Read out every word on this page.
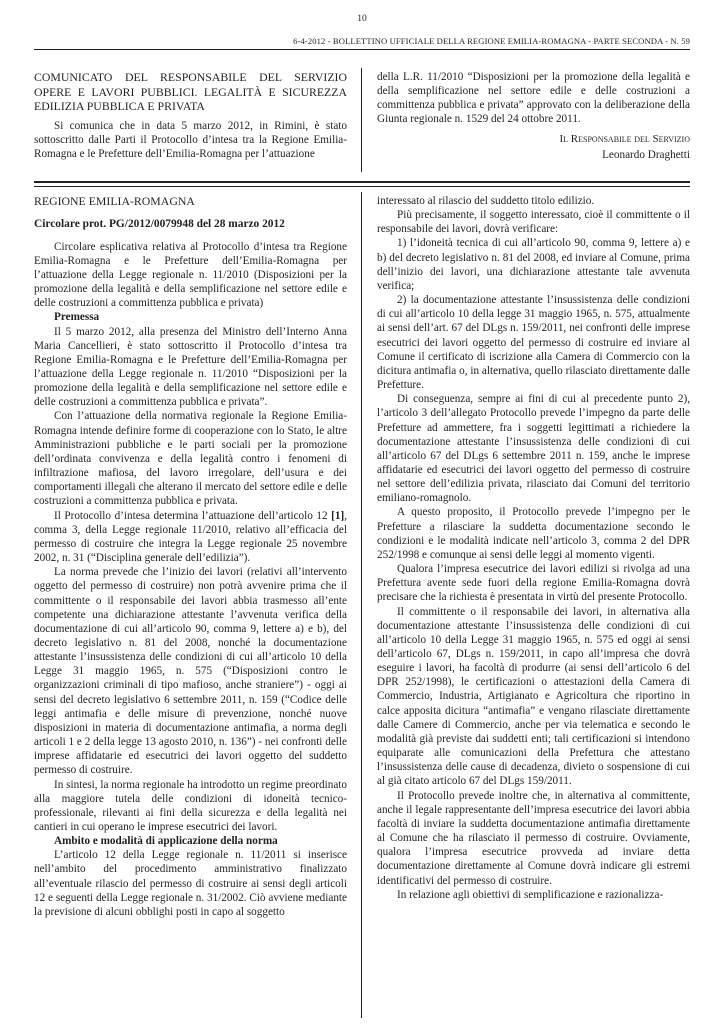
10
6-4-2012 - BOLLETTINO UFFICIALE DELLA REGIONE EMILIA-ROMAGNA - PARTE SECONDA - N. 59
COMUNICATO DEL RESPONSABILE DEL SERVIZIO OPERE E LAVORI PUBBLICI. LEGALITÀ E SICUREZZA EDILIZIA PUBBLICA E PRIVATA

Si comunica che in data 5 marzo 2012, in Rimini, è stato sottoscritto dalle Parti il Protocollo d’intesa tra la Regione Emilia-Romagna e le Prefetture dell’Emilia-Romagna per l’attuazione

della L.R. 11/2010 “Disposizioni per la promozione della legalità e della semplificazione nel settore edile e delle costruzioni a committenza pubblica e privata” approvato con la deliberazione della Giunta regionale n. 1529 del 24 ottobre 2011.

Il Responsabile del Servizio
Leonardo Draghetti
REGIONE EMILIA-ROMAGNA
Circolare prot. PG/2012/0079948 del 28 marzo 2012

Circolare esplicativa relativa al Protocollo d’intesa tra Regione Emilia-Romagna e le Prefetture dell’Emilia-Romagna per l’attuazione della Legge regionale n. 11/2010 (Disposizioni per la promozione della legalità e della semplificazione nel settore edile e delle costruzioni a committenza pubblica e privata)

Premessa

Il 5 marzo 2012, alla presenza del Ministro dell’Interno Anna Maria Cancellieri, è stato sottoscritto il Protocollo d’intesa tra Regione Emilia-Romagna e le Prefetture dell’Emilia-Romagna per l’attuazione della Legge regionale n. 11/2010 “Disposizioni per la promozione della legalità e della semplificazione nel settore edile e delle costruzioni a committenza pubblica e privata”.

Con l’attuazione della normativa regionale la Regione Emilia-Romagna intende definire forme di cooperazione con lo Stato, le altre Amministrazioni pubbliche e le parti sociali per la promozione dell’ordinata convivenza e della legalità contro i fenomeni di infiltrazione mafiosa, del lavoro irregolare, dell’usura e dei comportamenti illegali che alterano il mercato del settore edile e delle costruzioni a committenza pubblica e privata.

Il Protocollo d’intesa determina l’attuazione dell’articolo 12 [1], comma 3, della Legge regionale 11/2010, relativo all’efficacia del permesso di costruire che integra la Legge regionale 25 novembre 2002, n. 31 (“Disciplina generale dell’edilizia”).

La norma prevede che l’inizio dei lavori (relativi all’intervento oggetto del permesso di costruire) non potrà avvenire prima che il committente o il responsabile dei lavori abbia trasmesso all’ente competente una dichiarazione attestante l’avvenuta verifica della documentazione di cui all’articolo 90, comma 9, lettere a) e b), del decreto legislativo n. 81 del 2008, nonché la documentazione attestante l’insussistenza delle condizioni di cui all’articolo 10 della Legge 31 maggio 1965, n. 575 (“Disposizioni contro le organizzazioni criminali di tipo mafioso, anche straniere”) - oggi ai sensi del decreto legislativo 6 settembre 2011, n. 159 (“Codice delle leggi antimafia e delle misure di prevenzione, nonché nuove disposizioni in materia di documentazione antimafia, a norma degli articoli 1 e 2 della legge 13 agosto 2010, n. 136”) - nei confronti delle imprese affidatarie ed esecutrici dei lavori oggetto del suddetto permesso di costruire.

In sintesi, la norma regionale ha introdotto un regime preordinato alla maggiore tutela delle condizioni di idoneità tecnico-professionale, rilevanti ai fini della sicurezza e della legalità nei cantieri in cui operano le imprese esecutrici dei lavori.

Ambito e modalità di applicazione della norma

L’articolo 12 della Legge regionale n. 11/2011 si inserisce nell’ambito del procedimento amministrativo finalizzato all’eventuale rilascio del permesso di costruire ai sensi degli articoli 12 e seguenti della Legge regionale n. 31/2002. Ciò avviene mediante la previsione di alcuni obblighi posti in capo al soggetto

interessato al rilascio del suddetto titolo edilizio.

Più precisamente, il soggetto interessato, cioè il committente o il responsabile dei lavori, dovrà verificare:

1) l’idoneità tecnica di cui all’articolo 90, comma 9, lettere a) e b) del decreto legislativo n. 81 del 2008, ed inviare al Comune, prima dell’inizio dei lavori, una dichiarazione attestante tale avvenuta verifica;

2) la documentazione attestante l’insussistenza delle condizioni di cui all’articolo 10 della legge 31 maggio 1965, n. 575, attualmente ai sensi dell’art. 67 del DLgs n. 159/2011, nei confronti delle imprese esecutrici dei lavori oggetto del permesso di costruire ed inviare al Comune il certificato di iscrizione alla Camera di Commercio con la dicitura antimafia o, in alternativa, quello rilasciato direttamente dalle Prefetture.

Di conseguenza, sempre ai fini di cui al precedente punto 2), l’articolo 3 dell’allegato Protocollo prevede l’impegno da parte delle Prefetture ad ammettere, fra i soggetti legittimati a richiedere la documentazione attestante l’insussistenza delle condizioni di cui all’articolo 67 del DLgs 6 settembre 2011 n. 159, anche le imprese affidatarie ed esecutrici dei lavori oggetto del permesso di costruire nel settore dell’edilizia privata, rilasciato dai Comuni del territorio emiliano-romagnolo.

A questo proposito, il Protocollo prevede l’impegno per le Prefetture a rilasciare la suddetta documentazione secondo le condizioni e le modalità indicate nell’articolo 3, comma 2 del DPR 252/1998 e comunque ai sensi delle leggi al momento vigenti.

Qualora l’impresa esecutrice dei lavori edilizi si rivolga ad una Prefettura avente sede fuori della regione Emilia-Romagna dovrà precisare che la richiesta è presentata in virtù del presente Protocollo.

Il committente o il responsabile dei lavori, in alternativa alla documentazione attestante l’insussistenza delle condizioni di cui all’articolo 10 della Legge 31 maggio 1965, n. 575 ed oggi ai sensi dell’articolo 67, DLgs n. 159/2011, in capo all’impresa che dovrà eseguire i lavori, ha facoltà di produrre (ai sensi dell’articolo 6 del DPR 252/1998), le certificazioni o attestazioni della Camera di Commercio, Industria, Artigianato e Agricoltura che riportino in calce apposita dicitura “antimafia” e vengano rilasciate direttamente dalle Camere di Commercio, anche per via telematica e secondo le modalità già previste dai suddetti enti; tali certificazioni si intendono equiparate alle comunicazioni della Prefettura che attestano l’insussistenza delle cause di decadenza, divieto o sospensione di cui al già citato articolo 67 del DLgs 159/2011.

Il Protocollo prevede inoltre che, in alternativa al committente, anche il legale rappresentante dell’impresa esecutrice dei lavori abbia facoltà di inviare la suddetta documentazione antimafia direttamente al Comune che ha rilasciato il permesso di costruire. Ovviamente, qualora l’impresa esecutrice provveda ad inviare detta documentazione direttamente al Comune dovrà indicare gli estremi identificativi del permesso di costruire.

In relazione agli obiettivi di semplificazione e razionalizza-
